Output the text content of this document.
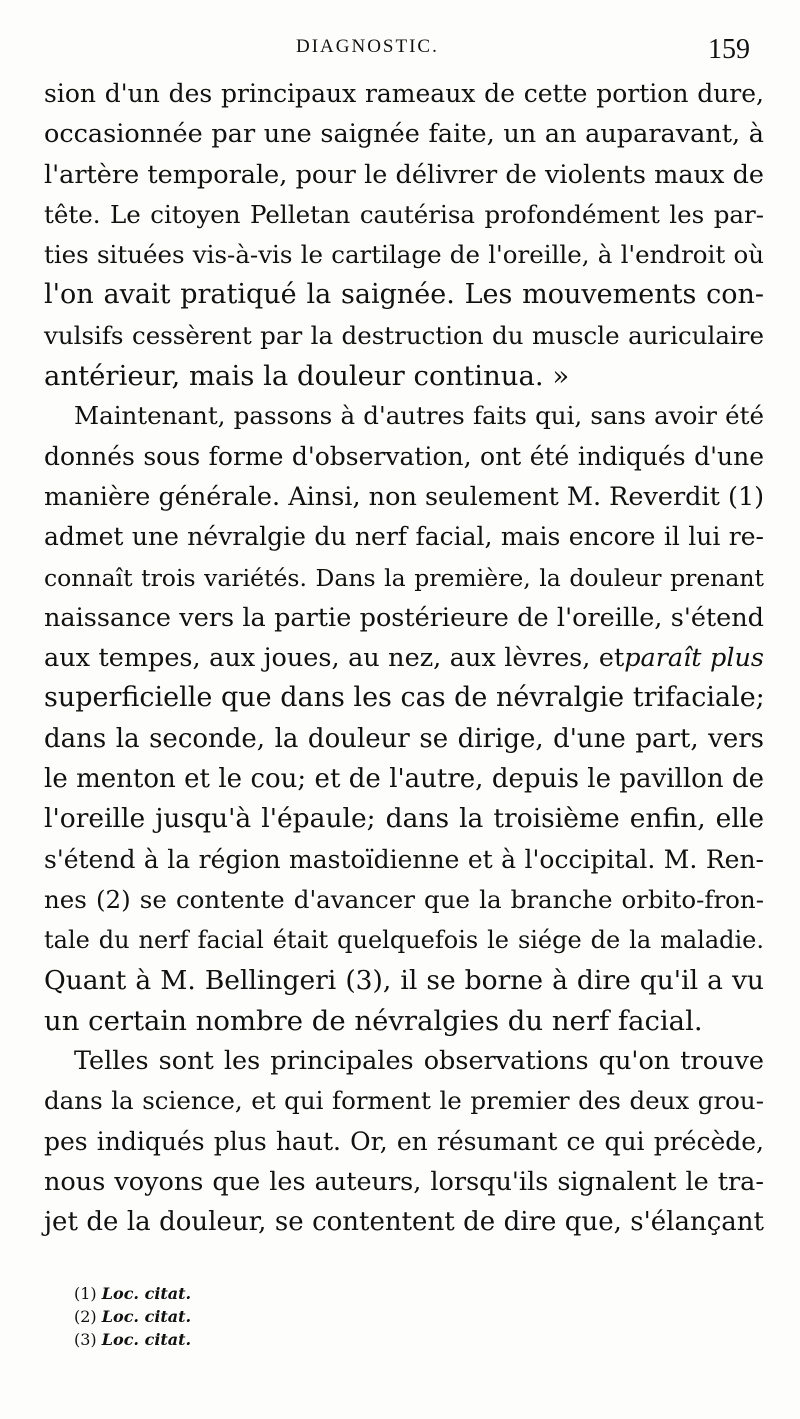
DIAGNOSTIC.	159
sion d'un des principaux rameaux de cette portion dure,
occasionnée par une saignée faite, un an auparavant, à
l'artère temporale, pour le délivrer de violents maux de
tête. Le citoyen Pelletan cautérisa profondément les par-
ties situées vis-à-vis le cartilage de l'oreille, à l'endroit où
l'on avait pratiqué la saignée. Les mouvements con-
vulsifs cessèrent par la destruction du muscle auriculaire
antérieur, mais la douleur continua. »
Maintenant, passons à d'autres faits qui, sans avoir été
donnés sous forme d'observation, ont été indiqués d'une
manière générale. Ainsi, non seulement M. Reverdit (1)
admet une névralgie du nerf facial, mais encore il lui re-
connaît trois variétés. Dans la première, la douleur prenant
naissance vers la partie postérieure de l'oreille, s'étend
aux tempes, aux joues, au nez, aux lèvres, etparaît plus
superficielle que dans les cas de névralgie trifaciale;
dans la seconde, la douleur se dirige, d'une part, vers
le menton et le cou; et de l'autre, depuis le pavillon de
l'oreille jusqu'à l'épaule; dans la troisième enfin, elle
s'étend à la région mastoïdienne et à l'occipital. M. Ren-
nes (2) se contente d'avancer que la branche orbito-fron-
tale du nerf facial était quelquefois le siége de la maladie.
Quant à M. Bellingeri (3), il se borne à dire qu'il a vu
un certain nombre de névralgies du nerf facial.
Telles sont les principales observations qu'on trouve
dans la science, et qui forment le premier des deux grou-
pes indiqués plus haut. Or, en résumant ce qui précède,
nous voyons que les auteurs, lorsqu'ils signalent le tra-
jet de la douleur, se contentent de dire que, s'élançant
(1) Loc. citat.
(2) Loc. citat.
(3) Loc. citat.
